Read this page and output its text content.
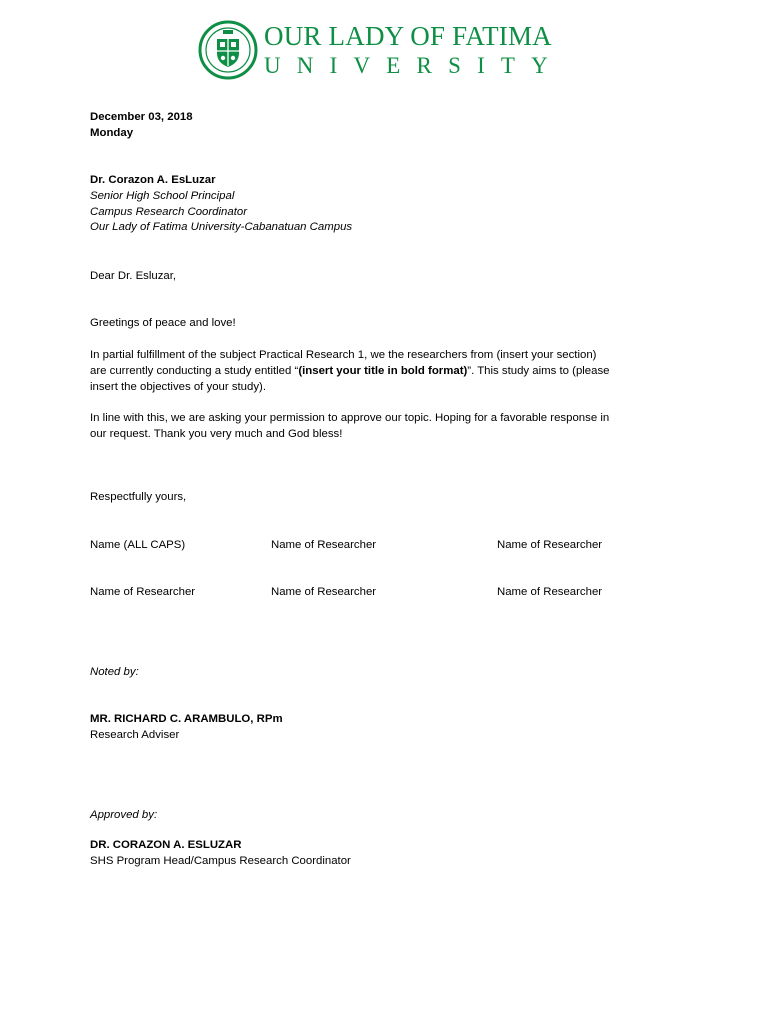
OUR LADY OF FATIMA
UNIVERSITY
December 03, 2018
Monday
Dr. Corazon A. EsLuzar
Senior High School Principal
Campus Research Coordinator
Our Lady of Fatima University-Cabanatuan Campus
Dear Dr. Esluzar,
Greetings of peace and love!
In partial fulfillment of the subject Practical Research 1, we the researchers from (insert your section)
are currently conducting a study entitled “(insert your title in bold format)”. This study aims to (please
insert the objectives of your study).
In line with this, we are asking your permission to approve our topic. Hoping for a favorable response in
our request. Thank you very much and God bless!
Respectfully yours,
Name (ALL CAPS)	Name of Researcher	Name of Researcher
Name of Researcher	Name of Researcher	Name of Researcher
Noted by:
MR. RICHARD C. ARAMBULO, RPm
Research Adviser
Approved by:
DR. CORAZON A. ESLUZAR
SHS Program Head/Campus Research Coordinator
